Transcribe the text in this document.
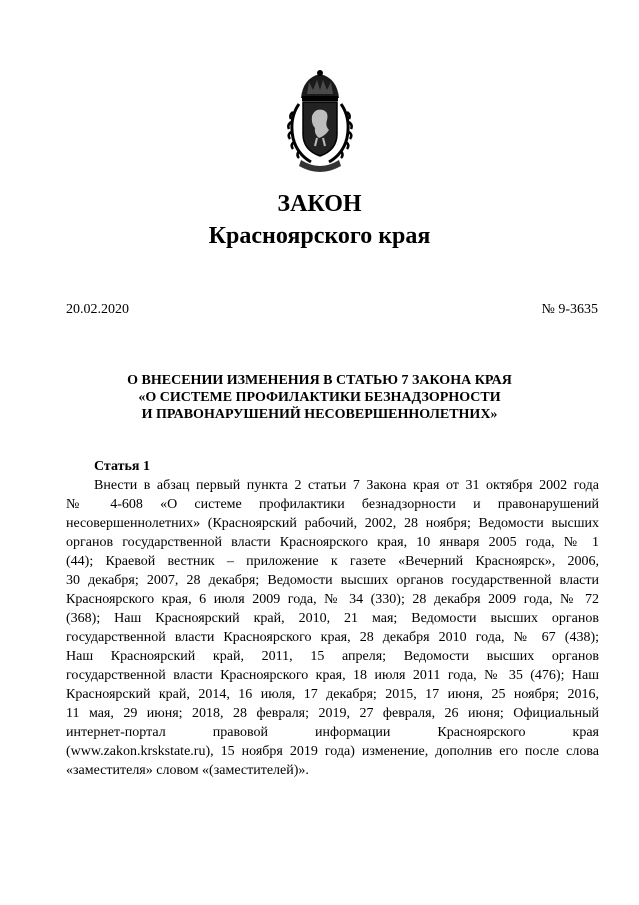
ЗАКОН
Красноярского края
20.02.2020	№ 9-3635
О ВНЕСЕНИИ ИЗМЕНЕНИЯ В СТАТЬЮ 7 ЗАКОНА КРАЯ
«О СИСТЕМЕ ПРОФИЛАКТИКИ БЕЗНАДЗОРНОСТИ
И ПРАВОНАРУШЕНИЙ НЕСОВЕРШЕННОЛЕТНИХ»
Статья 1
Внести в абзац первый пункта 2 статьи 7 Закона края от 31 октября 2002 года
№ 4-608 «О системе профилактики безнадзорности и правонарушений
несовершеннолетних» (Красноярский рабочий, 2002, 28 ноября; Ведомости высших
органов государственной власти Красноярского края, 10 января 2005 года, № 1
(44); Краевой вестник – приложение к газете «Вечерний Красноярск», 2006,
30 декабря; 2007, 28 декабря; Ведомости высших органов государственной власти
Красноярского края, 6 июля 2009 года, № 34 (330); 28 декабря 2009 года, № 72
(368); Наш Красноярский край, 2010, 21 мая; Ведомости высших органов
государственной власти Красноярского края, 28 декабря 2010 года, № 67 (438);
Наш Красноярский край, 2011, 15 апреля; Ведомости высших органов
государственной власти Красноярского края, 18 июля 2011 года, № 35 (476); Наш
Красноярский край, 2014, 16 июля, 17 декабря; 2015, 17 июня, 25 ноября; 2016,
11 мая, 29 июня; 2018, 28 февраля; 2019, 27 февраля, 26 июня; Официальный
интернет-портал правовой информации Красноярского края
(www.zakon.krskstate.ru), 15 ноября 2019 года) изменение, дополнив его после слова
«заместителя» словом «(заместителей)».
